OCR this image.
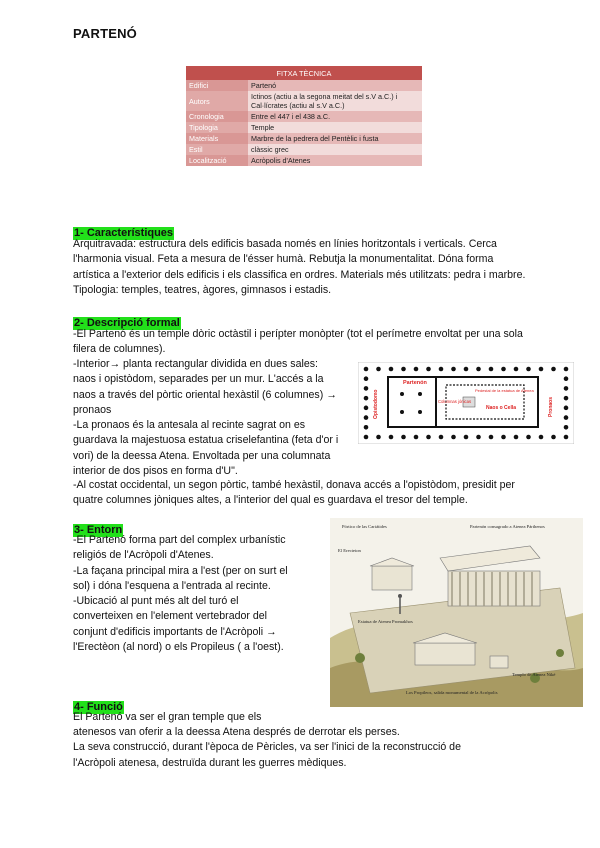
PARTENÓ
FITXA TÈCNICA	
Edifici	Partenó
Autors	Ictinos (actiu a la segona meitat del s.V a.C.) i Cal·lícrates (actiu al s.V a.C.)
Cronologia	Entre el 447 i el 438 a.C.
Tipologia	Temple
Materials	Marbre de la pedrera del Pentèlic i fusta
Estil	clàssic grec
Localització	Acròpolis d'Atenes
1- Característiques
Arquitravada: estructura dels edificis basada només en línies horitzontals i verticals. Cerca
l'harmonia visual. Feta a mesura de l'ésser humà. Rebutja la monumentalitat. Dóna forma
artística a l'exterior dels edificis i els classifica en ordres. Materials més utilitzats: pedra i marbre.
Tipologia: temples, teatres, àgores, gimnasos i estadis.
2- Descripció formal
-El Partenó és un temple dòric octàstil i perípter monòpter (tot el perímetre envoltat per una sola
filera de columnes).
-Interior→ planta rectangular dividida en dues sales:
naos i opistòdom, separades per un mur. L'accés a la
naos a través del pòrtic oriental hexàstil (6 columnes) →
pronaos
-La pronaos és la antesala al recinte sagrat on es
guardava la majestuosa estatua criselefantina (feta d'or i
vori) de la deessa Atena. Envoltada per una columnata
interior de dos pisos en forma d'U".
Partenón
Columnas jónicas
Pedestal de la estatua de Atenea
Naos o Cella
Opistodomo	Pronaos
-Al costat occidental, un segon pòrtic, també hexàstil, donava accés a l'opistòdom, presidit per
quatre columnes jòniques altes, a l'interior del qual es guardava el tresor del temple.
3- Entorn
-El Partenó forma part del complex urbanístic
religiós de l'Acròpoli d'Atenes.
-La façana principal mira a l'est (per on surt el
sol) i dóna l'esquena a l'entrada al recinte.
-Ubicació al punt més alt del turó el
converteixen en l'element vertebrador del
conjunt d'edificis importants de l'Acròpoli →
l'Erectèon (al nord) o els Propileus ( a l'oest).
Pórtico de las Cariátides
El Erecteion
Partenón consagrado a Atenea Párthenos
Estatua de Atenea Promakhos
Templo de Atenea Niké
Los Propileos, salida monumental de la Acrópolis
4- Funció
El Partenó va ser el gran temple que els
atenesos van oferir a la deessa Atena després de derrotar els perses.
La seva construcció, durant l'època de Pèricles, va ser l'inici de la reconstrucció de
l'Acròpoli atenesa, destruïda durant les guerres mèdiques.
